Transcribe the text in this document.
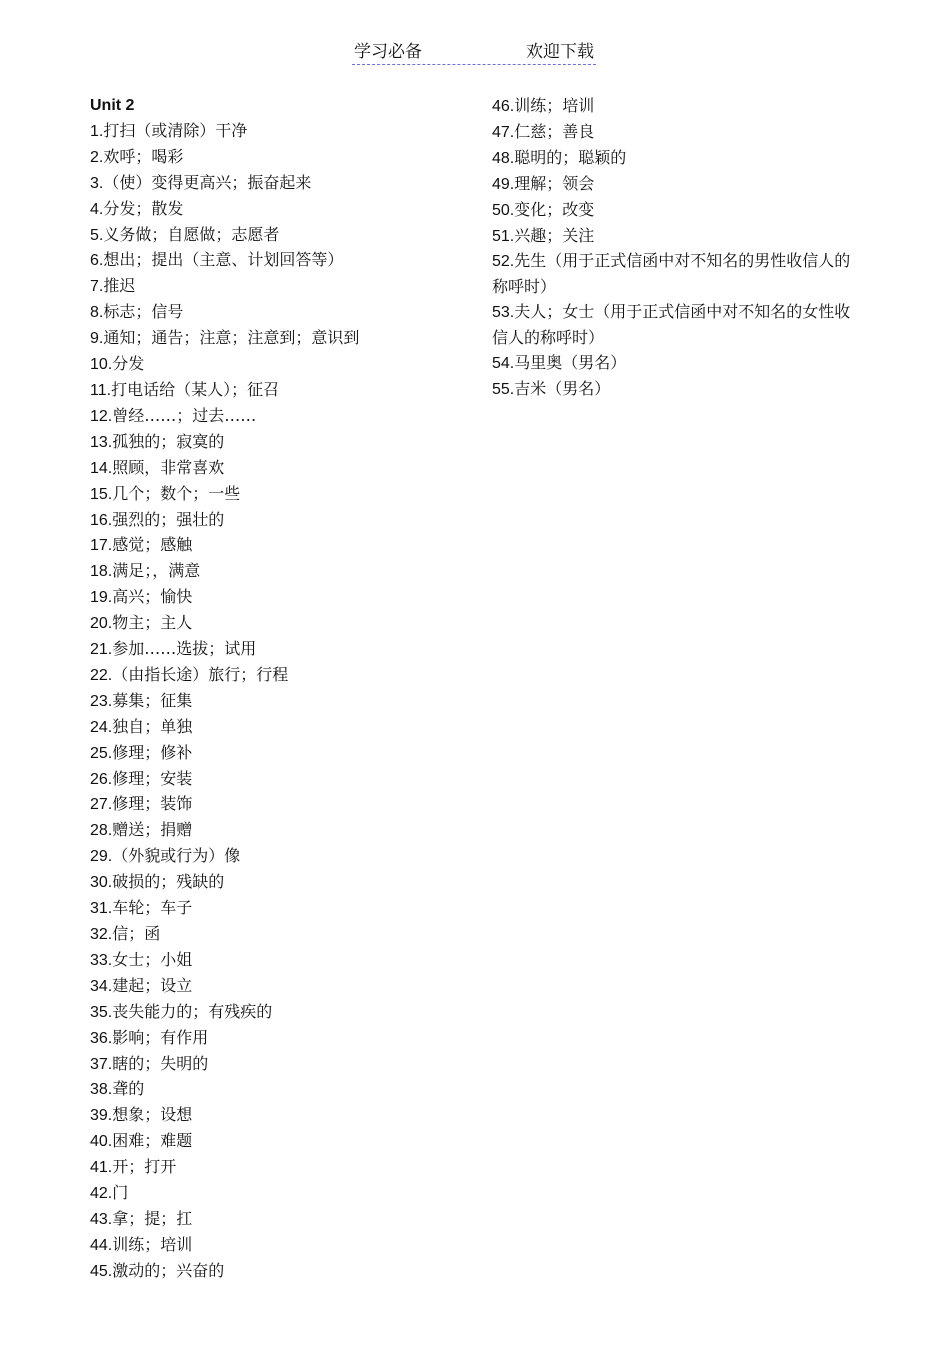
学习必备	欢迎下载
Unit 2
1.打扫（或清除）干净
2.欢呼；喝彩
3.（使）变得更高兴；振奋起来
4.分发；散发
5.义务做；自愿做；志愿者
6.想出；提出（主意、计划回答等）
7.推迟
8.标志；信号
9.通知；通告；注意；注意到；意识到
10.分发
11.打电话给（某人）；征召
12.曾经……；过去……
13.孤独的；寂寞的
14.照顾，非常喜欢
15.几个；数个；一些
16.强烈的；强壮的
17.感觉；感触
18.满足；，满意
19.高兴；愉快
20.物主；主人
21.参加……选拔；试用
22.（由指长途）旅行；行程
23.募集；征集
24.独自；单独
25.修理；修补
26.修理；安装
27.修理；装饰
28.赠送；捐赠
29.（外貌或行为）像
30.破损的；残缺的
31.车轮；车子
32.信；函
33.女士；小姐
34.建起；设立
35.丧失能力的；有残疾的
36.影响；有作用
37.瞎的；失明的
38.聋的
39.想象；设想
40.困难；难题
41.开；打开
42.门
43.拿；提；扛
44.训练；培训
45.激动的；兴奋的
46.训练；培训
47.仁慈；善良
48.聪明的；聪颖的
49.理解；领会
50.变化；改变
51.兴趣；关注
52.先生（用于正式信函中对不知名的男性收信人的称呼时）
53.夫人；女士（用于正式信函中对不知名的女性收信人的称呼时）
54.马里奥（男名）
55.吉米（男名）
